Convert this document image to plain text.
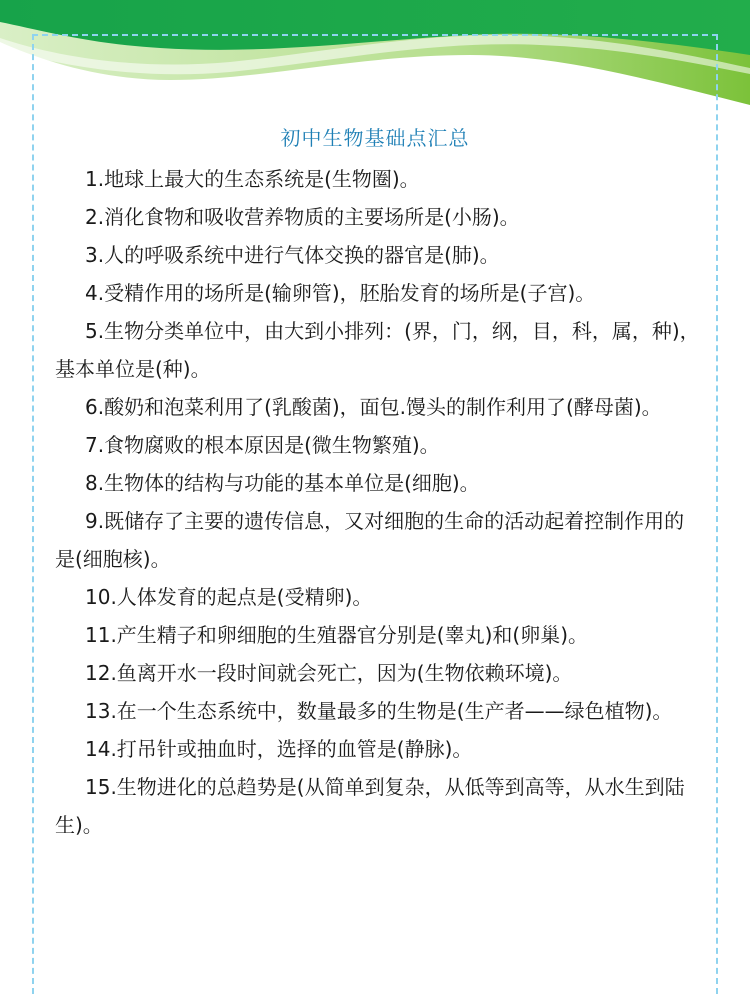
初中生物基础点汇总
1.地球上最大的生态系统是(生物圈)。
2.消化食物和吸收营养物质的主要场所是(小肠)。
3.人的呼吸系统中进行气体交换的器官是(肺)。
4.受精作用的场所是(输卵管)，胚胎发育的场所是(子宫)。
5.生物分类单位中，由大到小排列：(界，门，纲，目，科，属，种)，基本单位是(种)。
6.酸奶和泡菜利用了(乳酸菌)，面包.馒头的制作利用了(酵母菌)。
7.食物腐败的根本原因是(微生物繁殖)。
8.生物体的结构与功能的基本单位是(细胞)。
9.既储存了主要的遗传信息，又对细胞的生命的活动起着控制作用的是(细胞核)。
10.人体发育的起点是(受精卵)。
11.产生精子和卵细胞的生殖器官分别是(睾丸)和(卵巢)。
12.鱼离开水一段时间就会死亡，因为(生物依赖环境)。
13.在一个生态系统中，数量最多的生物是(生产者——绿色植物)。
14.打吊针或抽血时，选择的血管是(静脉)。
15.生物进化的总趋势是(从简单到复杂，从低等到高等，从水生到陆生)。
